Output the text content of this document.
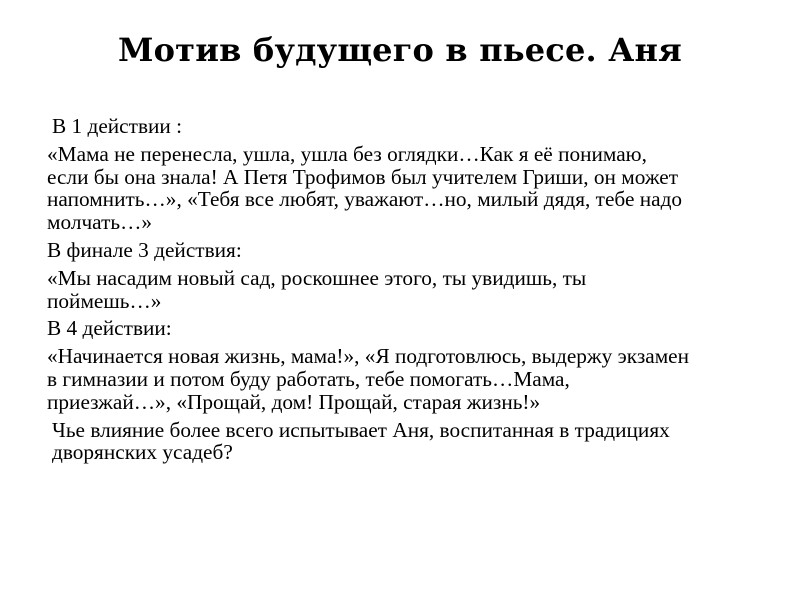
Мотив будущего в пьесе. Аня

В 1 действии :

«Мама не перенесла, ушла, ушла без оглядки…Как я её понимаю,
если бы она знала! А Петя Трофимов был учителем Гриши, он может
напомнить…», «Тебя все любят, уважают…но, милый дядя, тебе надо
молчать…»

В финале 3 действия:

«Мы насадим новый сад, роскошнее этого, ты увидишь, ты
поймешь…»

В 4 действии:

«Начинается новая жизнь, мама!», «Я подготовлюсь, выдержу экзамен
в гимназии и потом буду работать, тебе помогать…Мама,
приезжай…», «Прощай, дом! Прощай, старая жизнь!»

Чье влияние более всего испытывает Аня, воспитанная в традициях
дворянских усадеб?
